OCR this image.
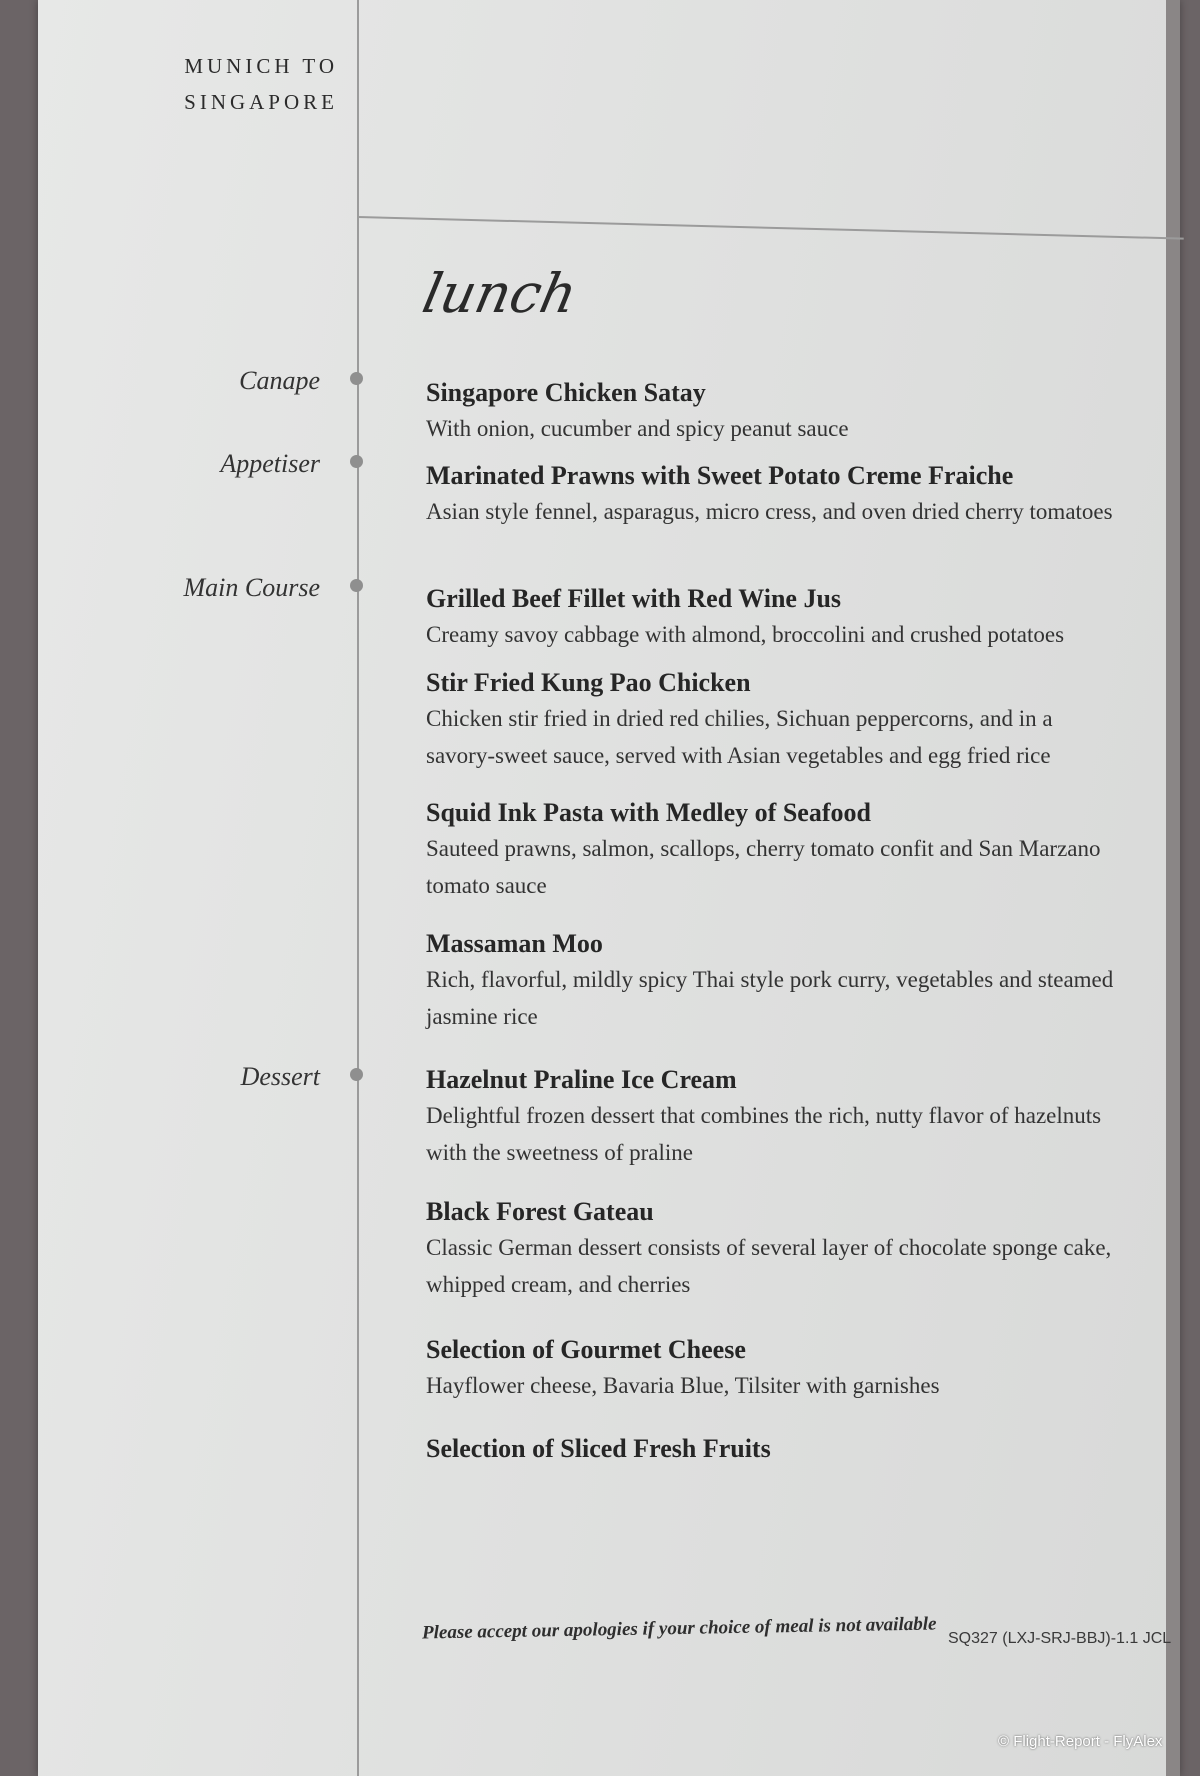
MUNICH TO
SINGAPORE
lunch
Canape
Appetiser
Main Course
Dessert
Singapore Chicken Satay
With onion, cucumber and spicy peanut sauce
Marinated Prawns with Sweet Potato Creme Fraiche
Asian style fennel, asparagus, micro cress, and oven dried cherry tomatoes
Grilled Beef Fillet with Red Wine Jus
Creamy savoy cabbage with almond, broccolini and crushed potatoes
Stir Fried Kung Pao Chicken
Chicken stir fried in dried red chilies, Sichuan peppercorns, and in a savory-sweet sauce, served with Asian vegetables and egg fried rice
Squid Ink Pasta with Medley of Seafood
Sauteed prawns, salmon, scallops, cherry tomato confit and San Marzano tomato sauce
Massaman Moo
Rich, flavorful, mildly spicy Thai style pork curry, vegetables and steamed jasmine rice
Hazelnut Praline Ice Cream
Delightful frozen dessert that combines the rich, nutty flavor of hazelnuts with the sweetness of praline
Black Forest Gateau
Classic German dessert consists of several layer of chocolate sponge cake, whipped cream, and cherries
Selection of Gourmet Cheese
Hayflower cheese, Bavaria Blue, Tilsiter with garnishes
Selection of Sliced Fresh Fruits
Please accept our apologies if your choice of meal is not available SQ327 (LXJ-SRJ-BBJ)-1.1 JCL
© Flight-Report - FlyAlex
